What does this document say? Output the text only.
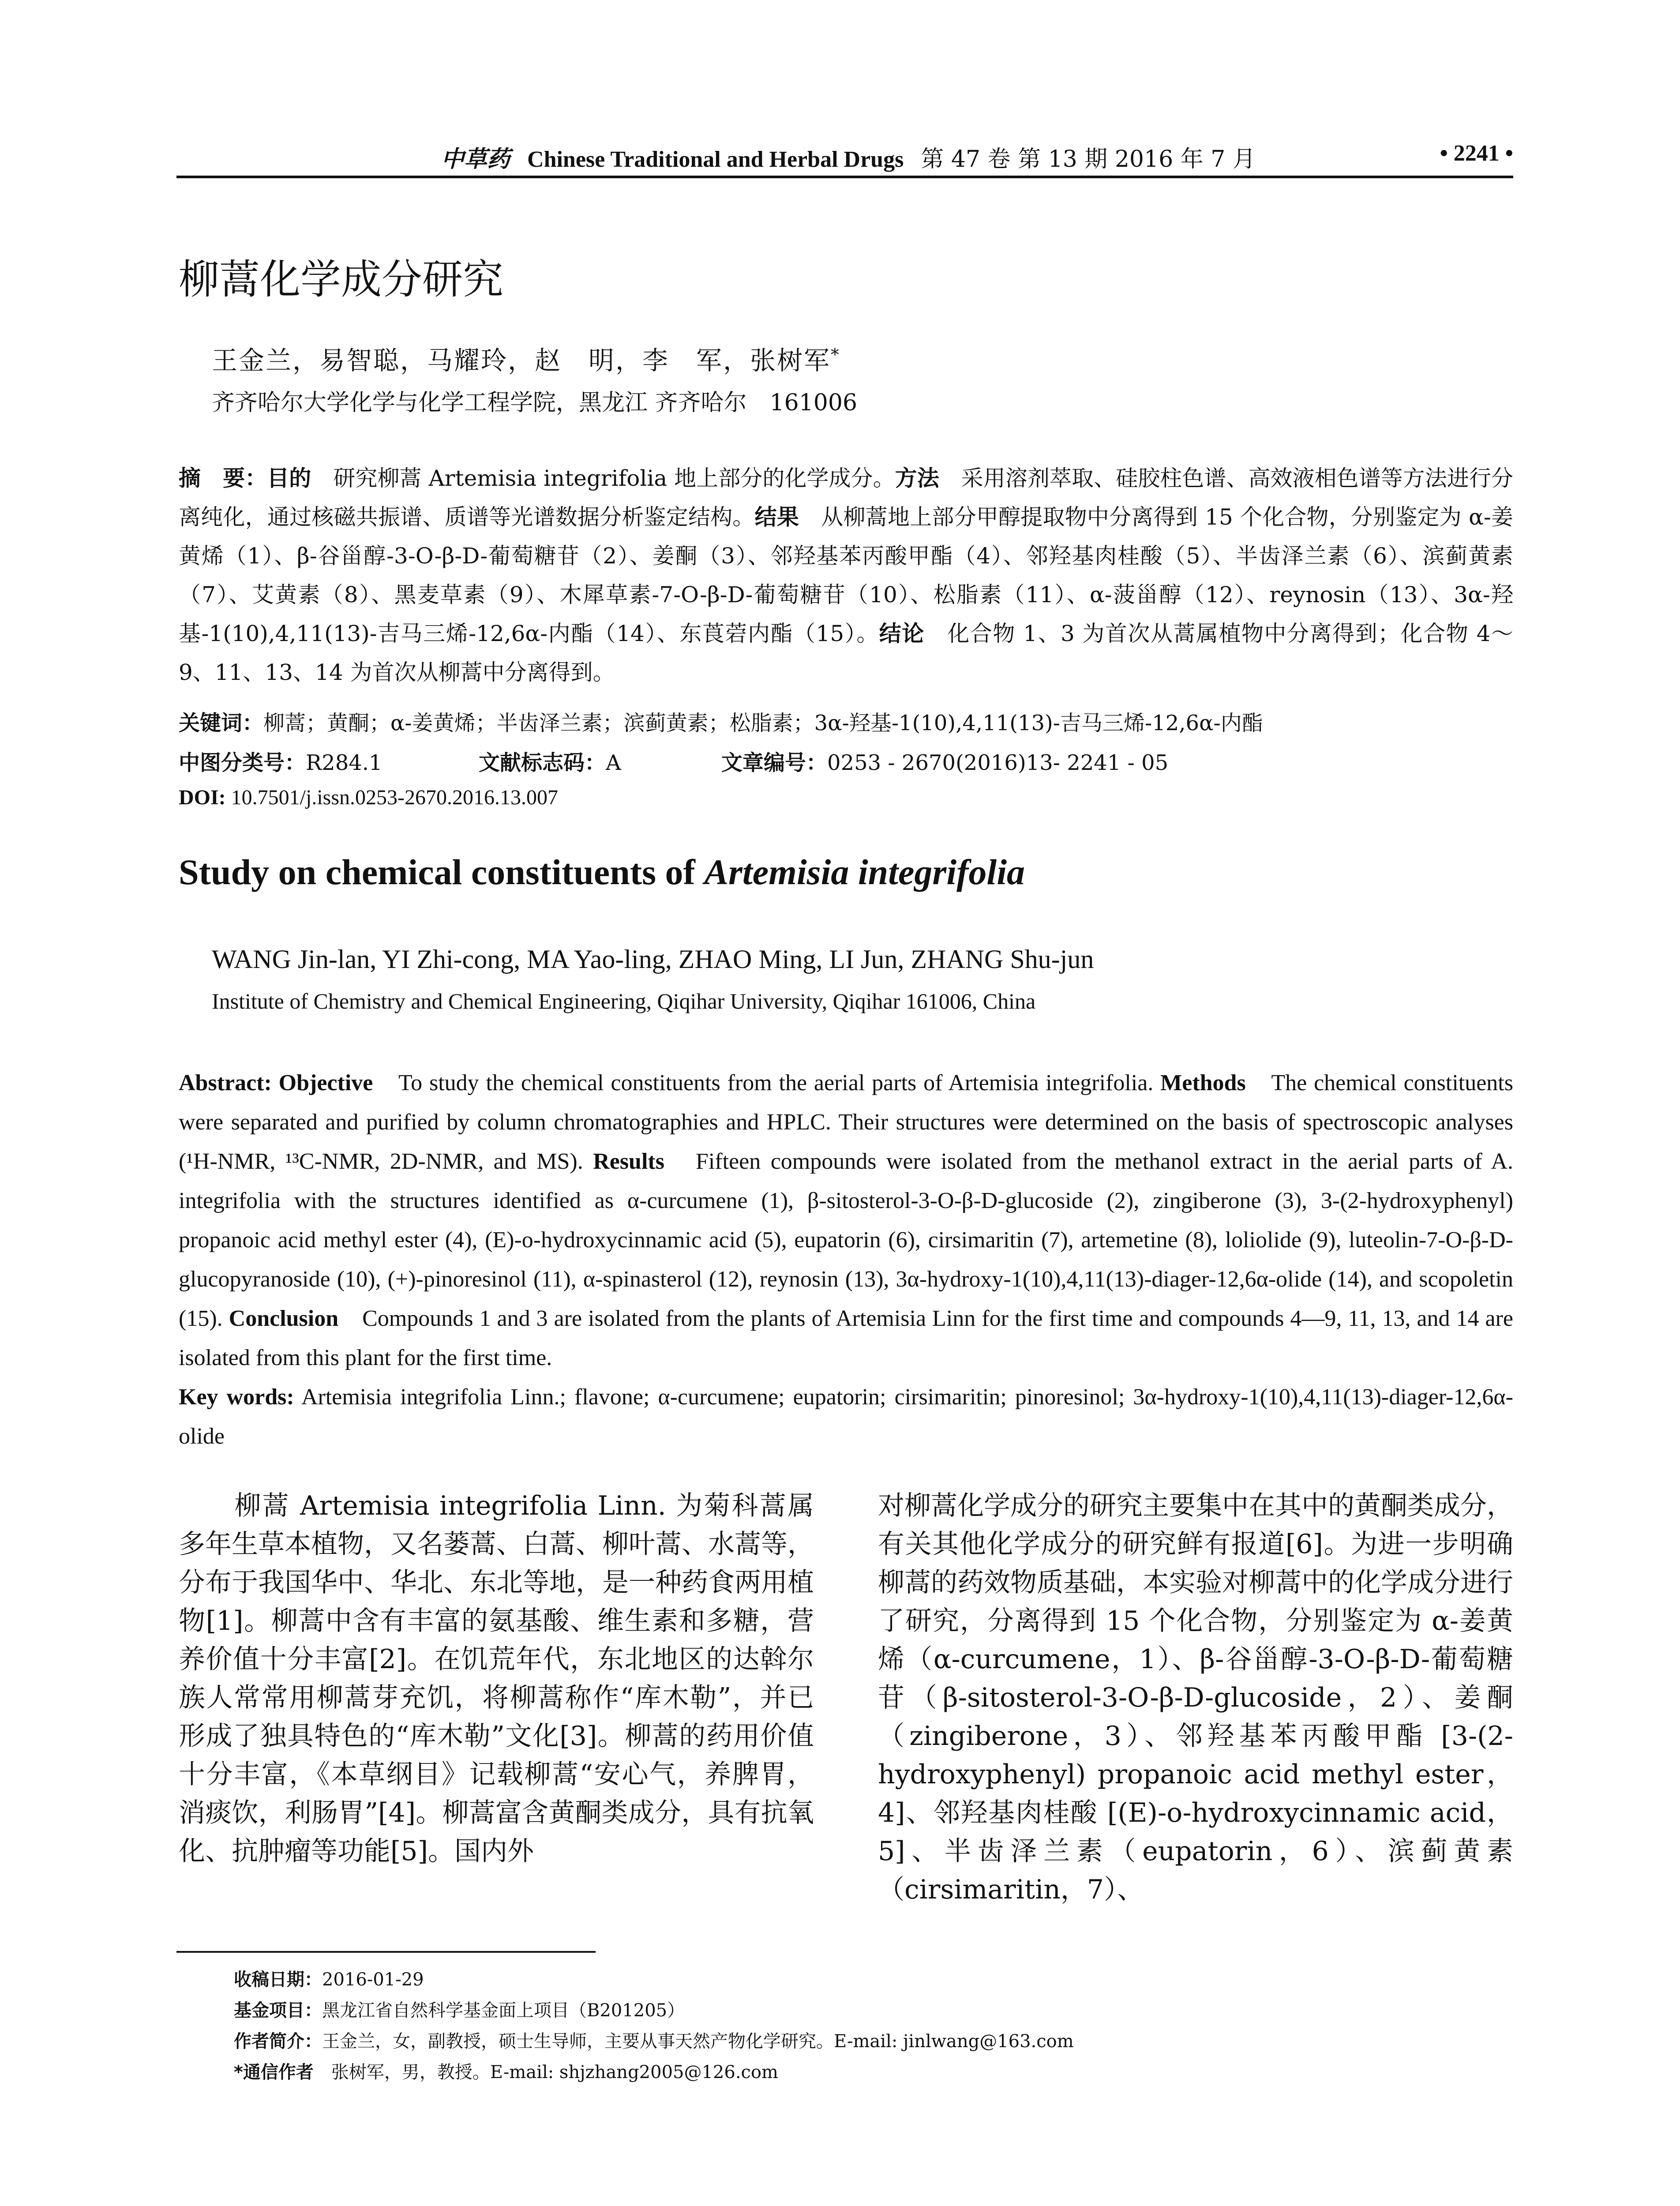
中草药 Chinese Traditional and Herbal Drugs 第 47 卷 第 13 期 2016 年 7 月	• 2241 •
柳蒿化学成分研究
王金兰，易智聪，马耀玲，赵　明，李　军，张树军*
齐齐哈尔大学化学与化学工程学院，黑龙江 齐齐哈尔　161006
摘　要：目的　研究柳蒿 Artemisia integrifolia 地上部分的化学成分。方法　采用溶剂萃取、硅胶柱色谱、高效液相色谱等方法进行分离纯化，通过核磁共振谱、质谱等光谱数据分析鉴定结构。结果　从柳蒿地上部分甲醇提取物中分离得到 15 个化合物，分别鉴定为 α-姜黄烯（1）、β-谷甾醇-3-O-β-D-葡萄糖苷（2）、姜酮（3）、邻羟基苯丙酸甲酯（4）、邻羟基肉桂酸（5）、半齿泽兰素（6）、滨蓟黄素（7）、艾黄素（8）、黑麦草素（9）、木犀草素-7-O-β-D-葡萄糖苷（10）、松脂素（11）、α-菠甾醇（12）、reynosin（13）、3α-羟基-1(10),4,11(13)-吉马三烯-12,6α-内酯（14）、东莨菪内酯（15）。结论　化合物 1、3 为首次从蒿属植物中分离得到；化合物 4～9、11、13、14 为首次从柳蒿中分离得到。
关键词：柳蒿；黄酮；α-姜黄烯；半齿泽兰素；滨蓟黄素；松脂素；3α-羟基-1(10),4,11(13)-吉马三烯-12,6α-内酯
中图分类号：R284.1	文献标志码：A	文章编号：0253 - 2670(2016)13- 2241 - 05
DOI: 10.7501/j.issn.0253-2670.2016.13.007
Study on chemical constituents of Artemisia integrifolia
WANG Jin-lan, YI Zhi-cong, MA Yao-ling, ZHAO Ming, LI Jun, ZHANG Shu-jun
Institute of Chemistry and Chemical Engineering, Qiqihar University, Qiqihar 161006, China
Abstract: Objective　To study the chemical constituents from the aerial parts of Artemisia integrifolia. Methods　The chemical constituents were separated and purified by column chromatographies and HPLC. Their structures were determined on the basis of spectroscopic analyses (¹H-NMR, ¹³C-NMR, 2D-NMR, and MS). Results　Fifteen compounds were isolated from the methanol extract in the aerial parts of A. integrifolia with the structures identified as α-curcumene (1), β-sitosterol-3-O-β-D-glucoside (2), zingiberone (3), 3-(2-hydroxyphenyl) propanoic acid methyl ester (4), (E)-o-hydroxycinnamic acid (5), eupatorin (6), cirsimaritin (7), artemetine (8), loliolide (9), luteolin-7-O-β-D-glucopyranoside (10), (+)-pinoresinol (11), α-spinasterol (12), reynosin (13), 3α-hydroxy-1(10),4,11(13)-diager-12,6α-olide (14), and scopoletin (15). Conclusion　Compounds 1 and 3 are isolated from the plants of Artemisia Linn for the first time and compounds 4—9, 11, 13, and 14 are isolated from this plant for the first time.
Key words: Artemisia integrifolia Linn.; flavone; α-curcumene; eupatorin; cirsimaritin; pinoresinol; 3α-hydroxy-1(10),4,11(13)-diager-12,6α-olide
　　柳蒿 Artemisia integrifolia Linn. 为菊科蒿属多年生草本植物，又名蒌蒿、白蒿、柳叶蒿、水蒿等，分布于我国华中、华北、东北等地，是一种药食两用植物[1]。柳蒿中含有丰富的氨基酸、维生素和多糖，营养价值十分丰富[2]。在饥荒年代，东北地区的达斡尔族人常常用柳蒿芽充饥，将柳蒿称作“库木勒”，并已形成了独具特色的“库木勒”文化[3]。柳蒿的药用价值十分丰富，《本草纲目》记载柳蒿“安心气，养脾胃，消痰饮，利肠胃”[4]。柳蒿富含黄酮类成分，具有抗氧化、抗肿瘤等功能[5]。国内外
对柳蒿化学成分的研究主要集中在其中的黄酮类成分，有关其他化学成分的研究鲜有报道[6]。为进一步明确柳蒿的药效物质基础，本实验对柳蒿中的化学成分进行了研究，分离得到 15 个化合物，分别鉴定为 α-姜黄烯（α-curcumene，1）、β-谷甾醇-3-O-β-D-葡萄糖苷（β-sitosterol-3-O-β-D-glucoside，2）、姜酮（zingiberone，3）、邻羟基苯丙酸甲酯 [3-(2-hydroxyphenyl) propanoic acid methyl ester，4]、邻羟基肉桂酸 [(E)-o-hydroxycinnamic acid，5]、半齿泽兰素（eupatorin，6）、滨蓟黄素（cirsimaritin，7）、
收稿日期：2016-01-29
基金项目：黑龙江省自然科学基金面上项目（B201205）
作者简介：王金兰，女，副教授，硕士生导师，主要从事天然产物化学研究。E-mail: jinlwang@163.com
*通信作者　张树军，男，教授。E-mail: shjzhang2005@126.com
